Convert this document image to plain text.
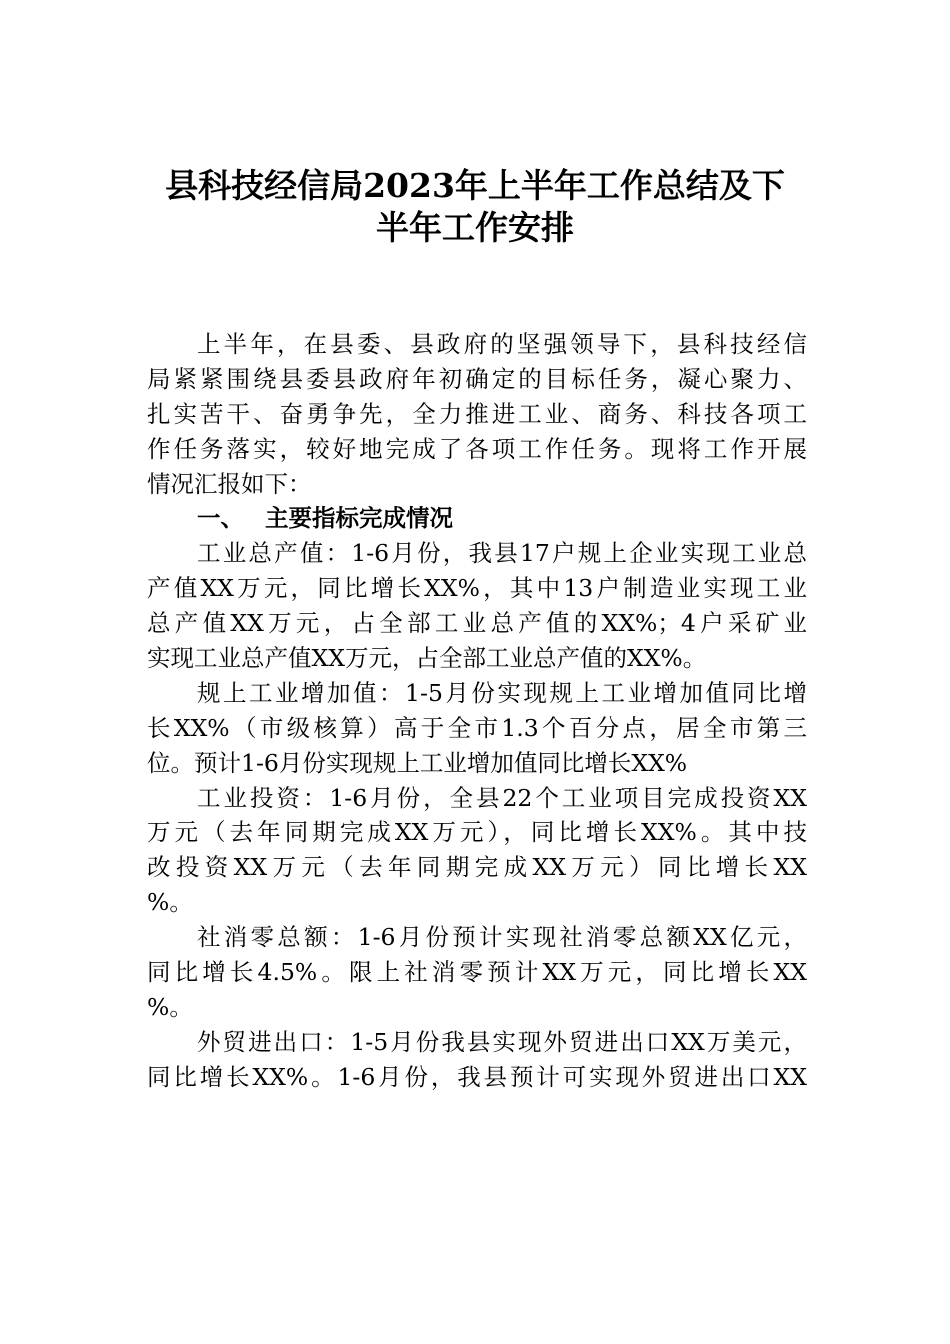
县科技经信局2023年上半年工作总结及下
半年工作安排
上半年，在县委、县政府的坚强领导下，县科技经信
局紧紧围绕县委县政府年初确定的目标任务，凝心聚力、
扎实苦干、奋勇争先，全力推进工业、商务、科技各项工
作任务落实，较好地完成了各项工作任务。现将工作开展
情况汇报如下：
一、 主要指标完成情况
工业总产值：1-6月份，我县17户规上企业实现工业总
产值XX万元，同比增长XX%，其中13户制造业实现工业
总产值XX万元，占全部工业总产值的XX%；4户采矿业
实现工业总产值XX万元，占全部工业总产值的XX%。
规上工业增加值：1-5月份实现规上工业增加值同比增
长XX%（市级核算）高于全市1.3个百分点，居全市第三
位。预计1-6月份实现规上工业增加值同比增长XX%
工业投资：1-6月份，全县22个工业项目完成投资XX
万元（去年同期完成XX万元），同比增长XX%。其中技
改投资XX万元（去年同期完成XX万元）同比增长XX
%。
社消零总额：1-6月份预计实现社消零总额XX亿元，
同比增长4.5%。限上社消零预计XX万元，同比增长XX
%。
外贸进出口：1-5月份我县实现外贸进出口XX万美元，
同比增长XX%。1-6月份，我县预计可实现外贸进出口XX
